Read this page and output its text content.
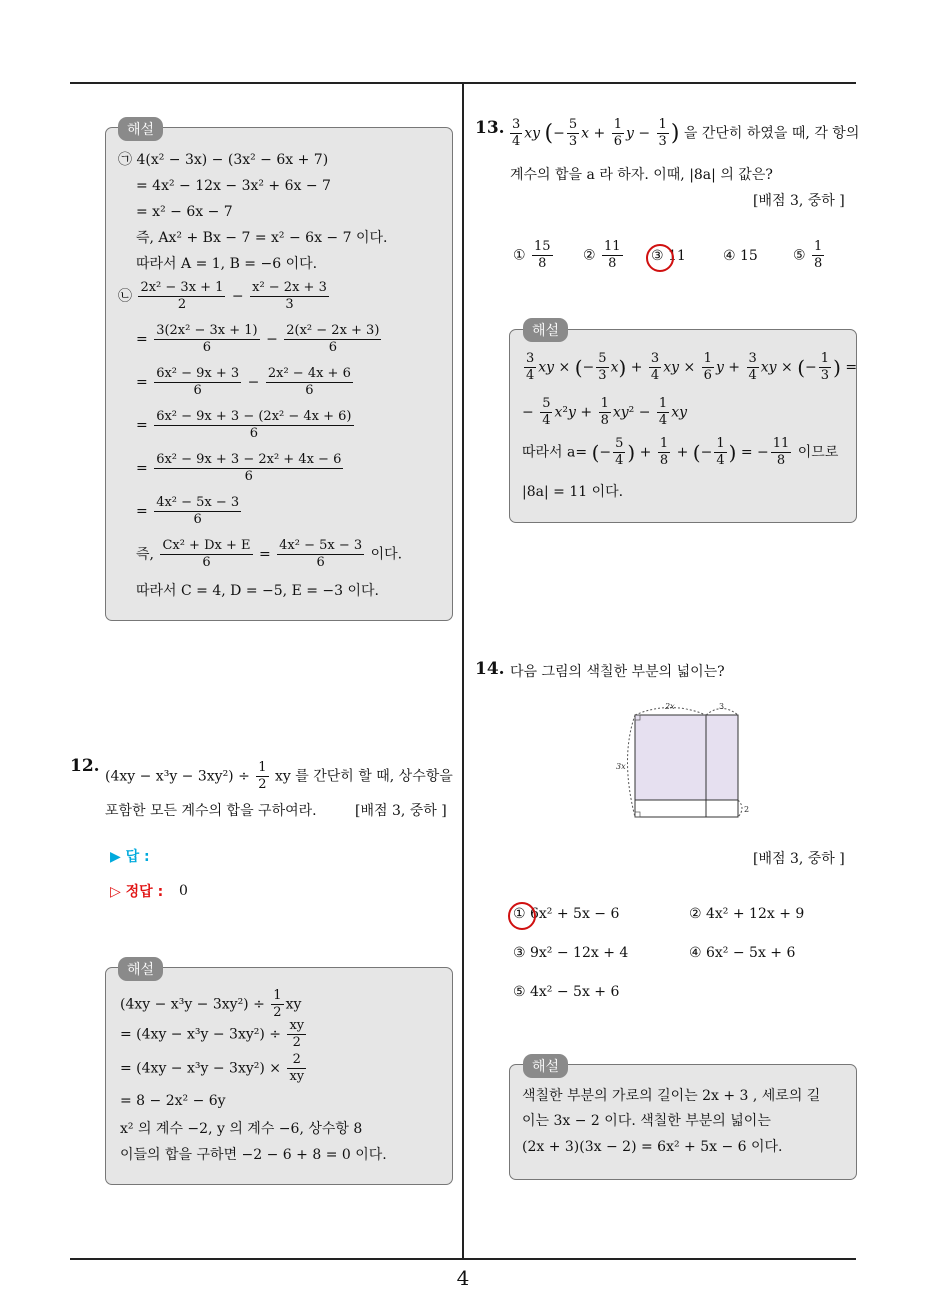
해설
㉠ 4(x² − 3x) − (3x² − 6x + 7)
= 4x² − 12x − 3x² + 6x − 7
= x² − 6x − 7
즉, Ax² + Bx − 7 = x² − 6x − 7 이다.
따라서 A = 1, B = −6 이다.
㉡ $\frac{\text{2x² − 3x + 1}}{2} - \frac{\text{x² − 2x + 3}}{3}$
= $\frac{\text{3(2x² − 3x + 1)}}{6} - \frac{\text{2(x² − 2x + 3)}}{6}$
= $\frac{\text{6x² − 9x + 3}}{6} - \frac{\text{2x² − 4x + 6}}{6}$
= $\frac{\text{6x² − 9x + 3 − (2x² − 4x + 6)}}{6}$
= $\frac{\text{6x² − 9x + 3 − 2x² + 4x − 6}}{6}$
= $\frac{\text{4x² − 5x − 3}}{6}$
즉, $\frac{\text{Cx² + Dx + E}}{6} = \frac{\text{4x² − 5x − 3}}{6}$ 이다.
따라서 C = 4, D = −5, E = −3 이다.
12.
$(4xy - x^3y - 3xy^2) \div \frac{1}{2}$ xy 를 간단히 할 때, 상수항을
포함한 모든 계수의 합을 구하여라.	[배점 3, 중하 ]
▶ 답 :
▷ 정답 : 0
해설
$(4xy - x^3y - 3xy^2) \div \frac{1}{2}$ xy
= $(4xy - x^3y - 3xy^2) \div \frac{xy}{2}$
= $(4xy - x^3y - 3xy^2) \times \frac{2}{xy}$
= 8 − 2x² − 6y
x² 의 계수 −2, y 의 계수 −6, 상수항 8
이들의 합을 구하면 −2 − 6 + 8 = 0 이다.
13. $\frac{3}{4}$ xy (− $\frac{5}{3}$ $x + \frac{1}{6}$ $y - \frac{1}{3}$ ) 을 간단히 하였을 때, 각 항의
계수의 합을 a 라 하자. 이때, |8a| 의 값은?
[배점 3, 중하 ]
① $\frac{15}{8}$ ② $\frac{11}{8}$ ③ 11	④ 15	⑤ $\frac{1}{8}$
해설
$\frac{3}{4}$ xy × (− $\frac{5}{3} x) + \frac{3}{4}$ xy × $\frac{1}{6}$ $y + \frac{3}{4}$ xy × (− $\frac{1}{3}$ ) =
− $\frac{5}{4} x^2y + \frac{1}{8} xy^2 - \frac{1}{4}$ xy
따라서 a= (− $\frac{5}{4}$ ) + $\frac{1}{8}$ + (− $\frac{1}{4}$ ) = − $\frac{11}{8}$ 이므로
|8a| = 11 이다.
14. 다음 그림의 색칠한 부분의 넓이는?
2x	3
3x
2
[배점 3, 중하 ]
① 6x² + 5x − 6	② 4x² + 12x + 9
③ 9x² − 12x + 4	④ 6x² − 5x + 6
⑤ 4x² − 5x + 6
해설
색칠한 부분의 가로의 길이는 2x + 3 , 세로의 길
이는 3x − 2 이다. 색칠한 부분의 넓이는
(2x + 3)(3x − 2) = 6x² + 5x − 6 이다.
4
